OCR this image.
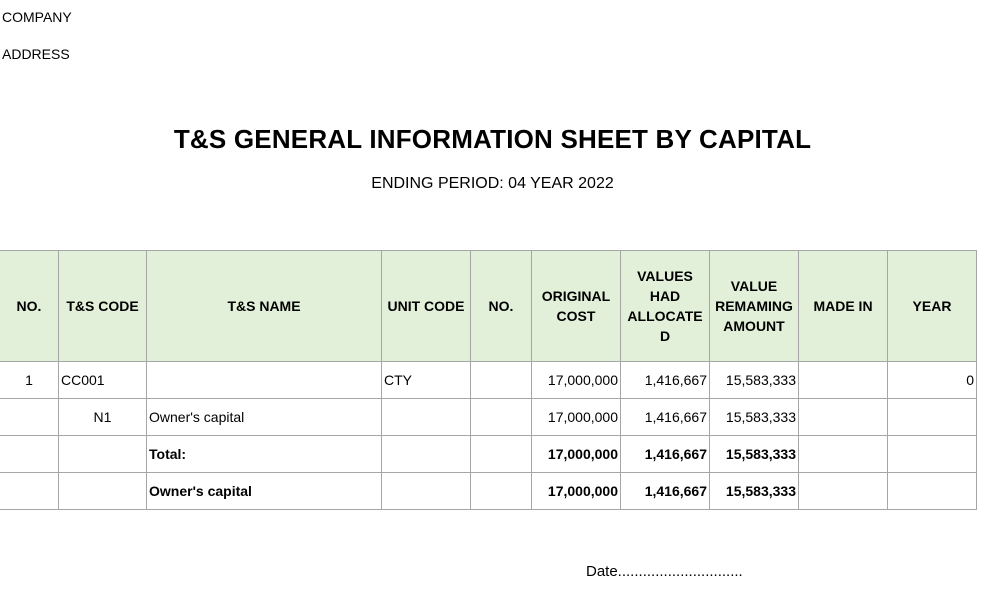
COMPANY
ADDRESS
T&S GENERAL INFORMATION SHEET BY CAPITAL
ENDING PERIOD: 04 YEAR 2022
NO.	T&S CODE	T&S NAME	UNIT CODE	NO.	ORIGINAL COST	VALUES HAD ALLOCATE D	VALUE REMAMING AMOUNT	MADE IN	YEAR
1	CC001		CTY		17,000,000	1,416,667	15,583,333		0
	N1	Owner's capital			17,000,000	1,416,667	15,583,333		
		Total:			17,000,000	1,416,667	15,583,333		
		Owner's capital			17,000,000	1,416,667	15,583,333		
Date..............................
